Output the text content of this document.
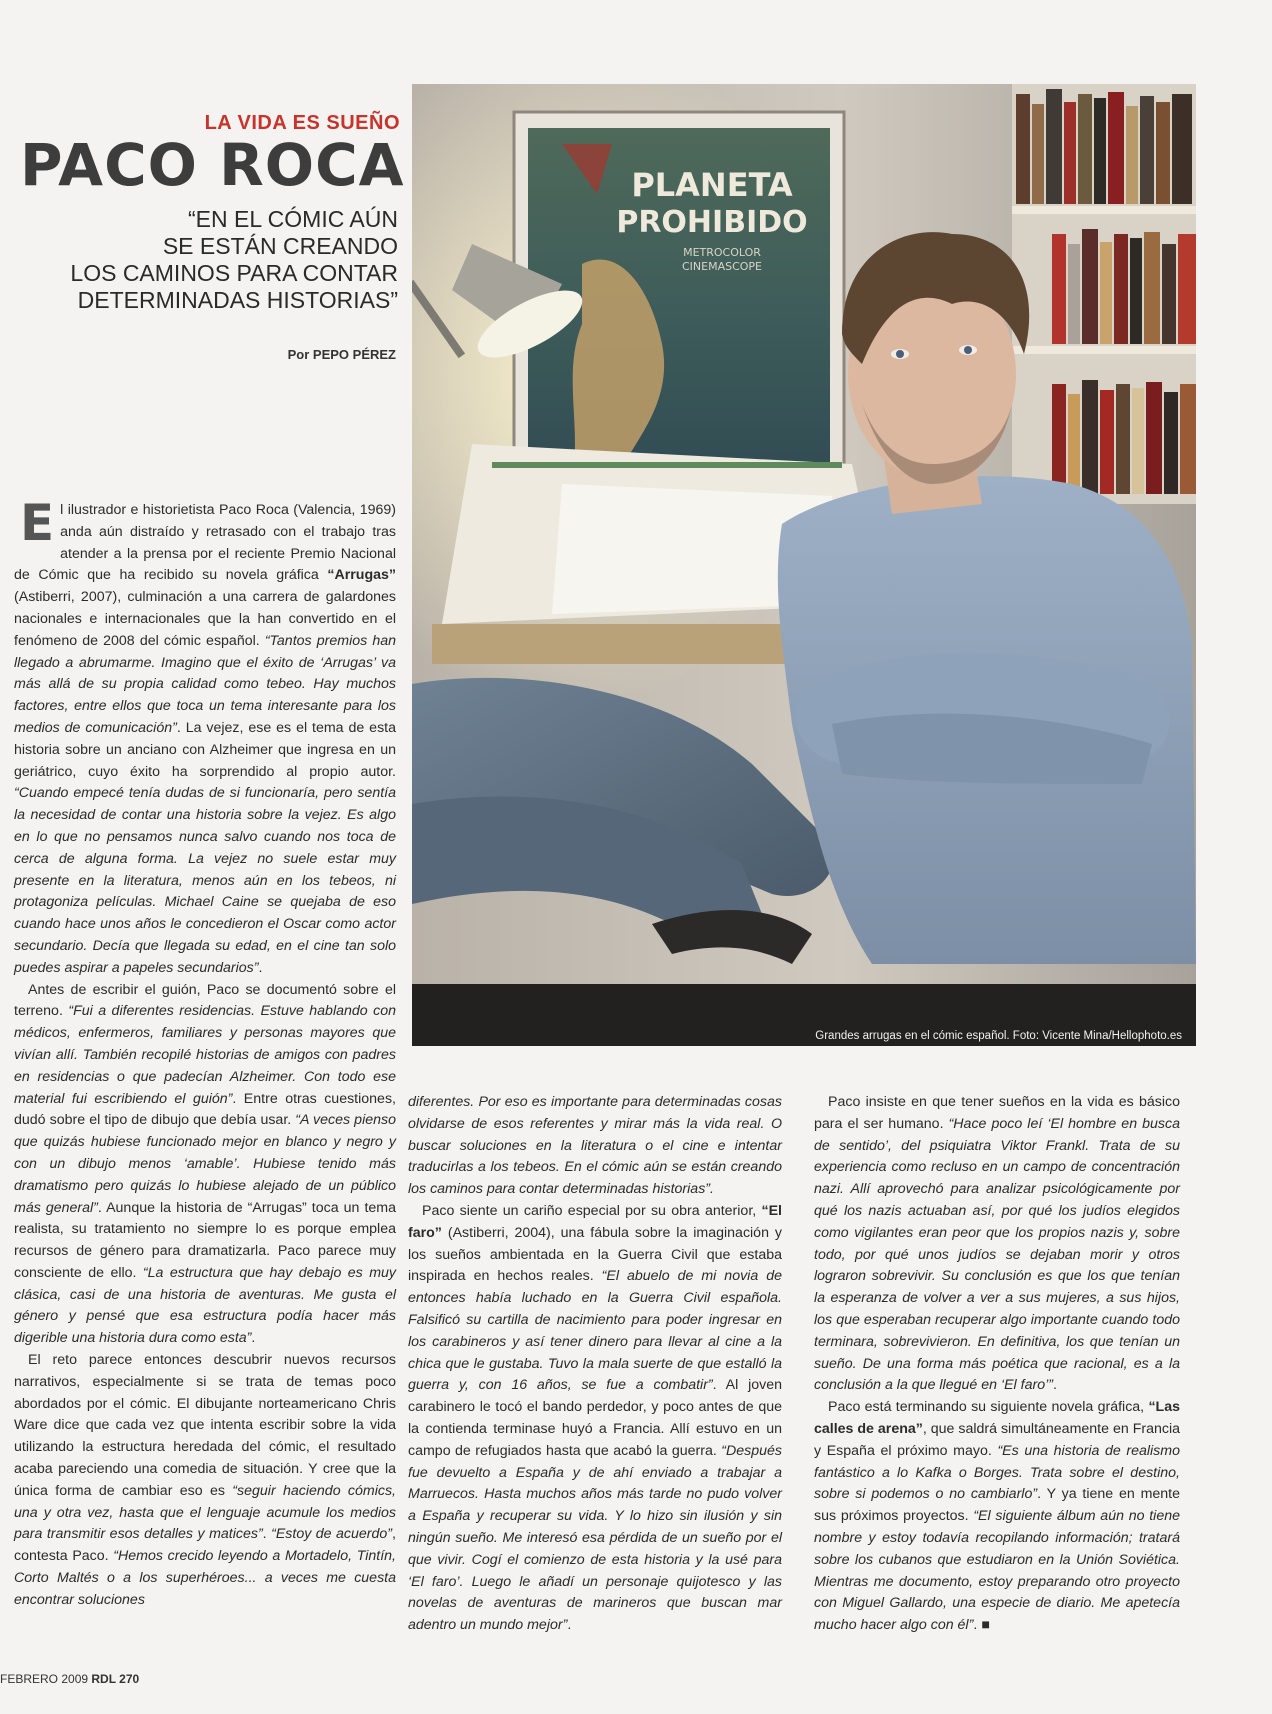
LA VIDA ES SUEÑO
PACO ROCA
“EN EL CÓMIC AÚN
SE ESTÁN CREANDO
LOS CAMINOS PARA CONTAR
DETERMINADAS HISTORIAS”
Por PEPO PÉREZ
PLANETA
PROHIBIDO
METROCOLOR
CINEMASCOPE
Grandes arrugas en el cómic español. Foto: Vicente Mina/Hellophoto.es

El ilustrador e historietista Paco Roca (Valencia, 1969) anda aún distraído y retrasado con el trabajo tras atender a la prensa por el reciente Premio Nacional de Cómic que ha recibido su novela gráfica “Arrugas” (Astiberri, 2007), culminación a una carrera de galardones nacionales e internacionales que la han convertido en el fenómeno de 2008 del cómic español. “Tantos premios han llegado a abrumarme. Imagino que el éxito de ‘Arrugas’ va más allá de su propia calidad como tebeo. Hay muchos factores, entre ellos que toca un tema interesante para los medios de comunicación”. La vejez, ese es el tema de esta historia sobre un anciano con Alzheimer que ingresa en un geriátrico, cuyo éxito ha sorprendido al propio autor. “Cuando empecé tenía dudas de si funcionaría, pero sentía la necesidad de contar una historia sobre la vejez. Es algo en lo que no pensamos nunca salvo cuando nos toca de cerca de alguna forma. La vejez no suele estar muy presente en la literatura, menos aún en los tebeos, ni protagoniza películas. Michael Caine se quejaba de eso cuando hace unos años le concedieron el Oscar como actor secundario. Decía que llegada su edad, en el cine tan solo puedes aspirar a papeles secundarios”.

Antes de escribir el guión, Paco se documentó sobre el terreno. “Fui a diferentes residencias. Estuve hablando con médicos, enfermeros, familiares y personas mayores que vivían allí. También recopilé historias de amigos con padres en residencias o que padecían Alzheimer. Con todo ese material fui escribiendo el guión”. Entre otras cuestiones, dudó sobre el tipo de dibujo que debía usar. “A veces pienso que quizás hubiese funcionado mejor en blanco y negro y con un dibujo menos ‘amable’. Hubiese tenido más dramatismo pero quizás lo hubiese alejado de un público más general”. Aunque la historia de “Arrugas” toca un tema realista, su tratamiento no siempre lo es porque emplea recursos de género para dramatizarla. Paco parece muy consciente de ello. “La estructura que hay debajo es muy clásica, casi de una historia de aventuras. Me gusta el género y pensé que esa estructura podía hacer más digerible una historia dura como esta”.

El reto parece entonces descubrir nuevos recursos narrativos, especialmente si se trata de temas poco abordados por el cómic. El dibujante norteamericano Chris Ware dice que cada vez que intenta escribir sobre la vida utilizando la estructura heredada del cómic, el resultado acaba pareciendo una comedia de situación. Y cree que la única forma de cambiar eso es “seguir haciendo cómics, una y otra vez, hasta que el lenguaje acumule los medios para transmitir esos detalles y matices”. “Estoy de acuerdo”, contesta Paco. “Hemos crecido leyendo a Mortadelo, Tintín, Corto Maltés o a los superhéroes... a veces me cuesta encontrar soluciones

diferentes. Por eso es importante para determinadas cosas olvidarse de esos referentes y mirar más la vida real. O buscar soluciones en la literatura o el cine e intentar traducirlas a los tebeos. En el cómic aún se están creando los caminos para contar determinadas historias”.

Paco siente un cariño especial por su obra anterior, “El faro” (Astiberri, 2004), una fábula sobre la imaginación y los sueños ambientada en la Guerra Civil que estaba inspirada en hechos reales. “El abuelo de mi novia de entonces había luchado en la Guerra Civil española. Falsificó su cartilla de nacimiento para poder ingresar en los carabineros y así tener dinero para llevar al cine a la chica que le gustaba. Tuvo la mala suerte de que estalló la guerra y, con 16 años, se fue a combatir”. Al joven carabinero le tocó el bando perdedor, y poco antes de que la contienda terminase huyó a Francia. Allí estuvo en un campo de refugiados hasta que acabó la guerra. “Después fue devuelto a España y de ahí enviado a trabajar a Marruecos. Hasta muchos años más tarde no pudo volver a España y recuperar su vida. Y lo hizo sin ilusión y sin ningún sueño. Me interesó esa pérdida de un sueño por el que vivir. Cogí el comienzo de esta historia y la usé para ‘El faro’. Luego le añadí un personaje quijotesco y las novelas de aventuras de marineros que buscan mar adentro un mundo mejor”.

Paco insiste en que tener sueños en la vida es básico para el ser humano. “Hace poco leí ‘El hombre en busca de sentido’, del psiquiatra Viktor Frankl. Trata de su experiencia como recluso en un campo de concentración nazi. Allí aprovechó para analizar psicológicamente por qué los nazis actuaban así, por qué los judíos elegidos como vigilantes eran peor que los propios nazis y, sobre todo, por qué unos judíos se dejaban morir y otros lograron sobrevivir. Su conclusión es que los que tenían la esperanza de volver a ver a sus mujeres, a sus hijos, los que esperaban recuperar algo importante cuando todo terminara, sobrevivieron. En definitiva, los que tenían un sueño. De una forma más poética que racional, es a la conclusión a la que llegué en ‘El faro’”.

Paco está terminando su siguiente novela gráfica, “Las calles de arena”, que saldrá simultáneamente en Francia y España el próximo mayo. “Es una historia de realismo fantástico a lo Kafka o Borges. Trata sobre el destino, sobre si podemos o no cambiarlo”. Y ya tiene en mente sus próximos proyectos. “El siguiente álbum aún no tiene nombre y estoy todavía recopilando información; tratará sobre los cubanos que estudiaron en la Unión Soviética. Mientras me documento, estoy preparando otro proyecto con Miguel Gallardo, una especie de diario. Me apetecía mucho hacer algo con él”. ■

FEBRERO 2009 RDL 270
